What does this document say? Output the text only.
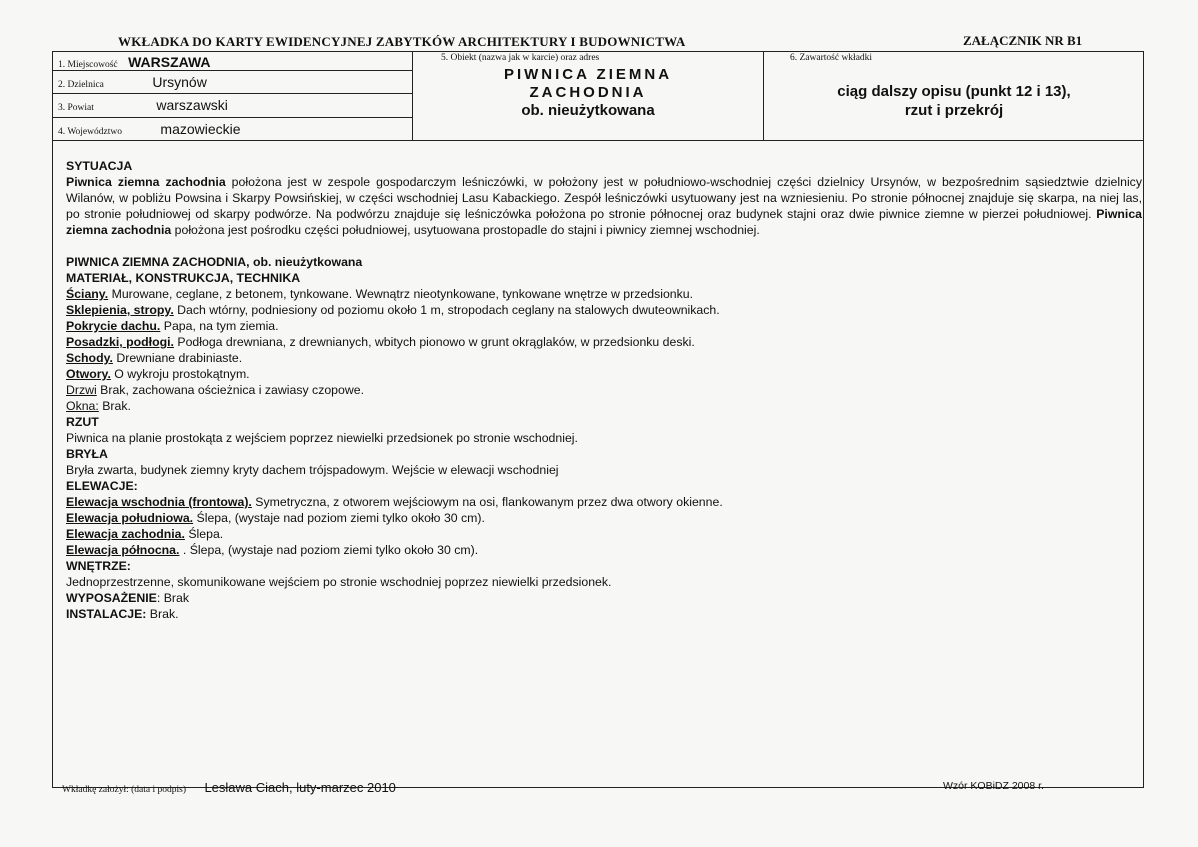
WKŁADKA DO KARTY EWIDENCYJNEJ ZABYTKÓW ARCHITEKTURY I BUDOWNICTWA	ZAŁĄCZNIK NR B1
1. Miejscowość WARSZAWA
2. Dzielnica	Ursynów
3. Powiat	warszawski
4. Województwo	mazowieckie
5. Obiekt (nazwa jak w karcie) oraz adres
PIWNICA ZIEMNA
ZACHODNIA
ob. nieużytkowana
6. Zawartość wkładki
ciąg dalszy opisu (punkt 12 i 13),
rzut i przekrój

SYTUACJA

Piwnica ziemna zachodnia położona jest w zespole gospodarczym leśniczówki, w położony jest w południowo-wschodniej części dzielnicy Ursynów, w bezpośrednim sąsiedztwie dzielnicy Wilanów, w pobliżu Powsina i Skarpy Powsińskiej, w części wschodniej Lasu Kabackiego. Zespół leśniczówki usytuowany jest na wzniesieniu. Po stronie północnej znajduje się skarpa, na niej las, po stronie południowej od skarpy podwórze. Na podwórzu znajduje się leśniczówka położona po stronie północnej oraz budynek stajni oraz dwie piwnice ziemne w pierzei południowej. Piwnica ziemna zachodnia położona jest pośrodku części południowej, usytuowana prostopadle do stajni i piwnicy ziemnej wschodniej.

PIWNICA ZIEMNA ZACHODNIA, ob. nieużytkowana

MATERIAŁ, KONSTRUKCJA, TECHNIKA

Ściany. Murowane, ceglane, z betonem, tynkowane. Wewnątrz nieotynkowane, tynkowane wnętrze w przedsionku.

Sklepienia, stropy. Dach wtórny, podniesiony od poziomu około 1 m, stropodach ceglany na stalowych dwuteownikach.

Pokrycie dachu. Papa, na tym ziemia.

Posadzki, podłogi. Podłoga drewniana, z drewnianych, wbitych pionowo w grunt okrąglaków, w przedsionku deski.

Schody. Drewniane drabiniaste.

Otwory. O wykroju prostokątnym.

Drzwi Brak, zachowana ościeżnica i zawiasy czopowe.

Okna: Brak.

RZUT

Piwnica na planie prostokąta z wejściem poprzez niewielki przedsionek po stronie wschodniej.

BRYŁA

Bryła zwarta, budynek ziemny kryty dachem trójspadowym. Wejście w elewacji wschodniej

ELEWACJE:

Elewacja wschodnia (frontowa). Symetryczna, z otworem wejściowym na osi, flankowanym przez dwa otwory okienne.

Elewacja południowa. Ślepa, (wystaje nad poziom ziemi tylko około 30 cm).

Elewacja zachodnia. Ślepa.

Elewacja północna. . Ślepa, (wystaje nad poziom ziemi tylko około 30 cm).

WNĘTRZE:

Jednoprzestrzenne, skomunikowane wejściem po stronie wschodniej poprzez niewielki przedsionek.

WYPOSAŻENIE: Brak

INSTALACJE: Brak.

Wkładkę założył: (data i podpis) Lesława Ciach, luty-marzec 2010	Wzór KOBiDZ 2008 r.
